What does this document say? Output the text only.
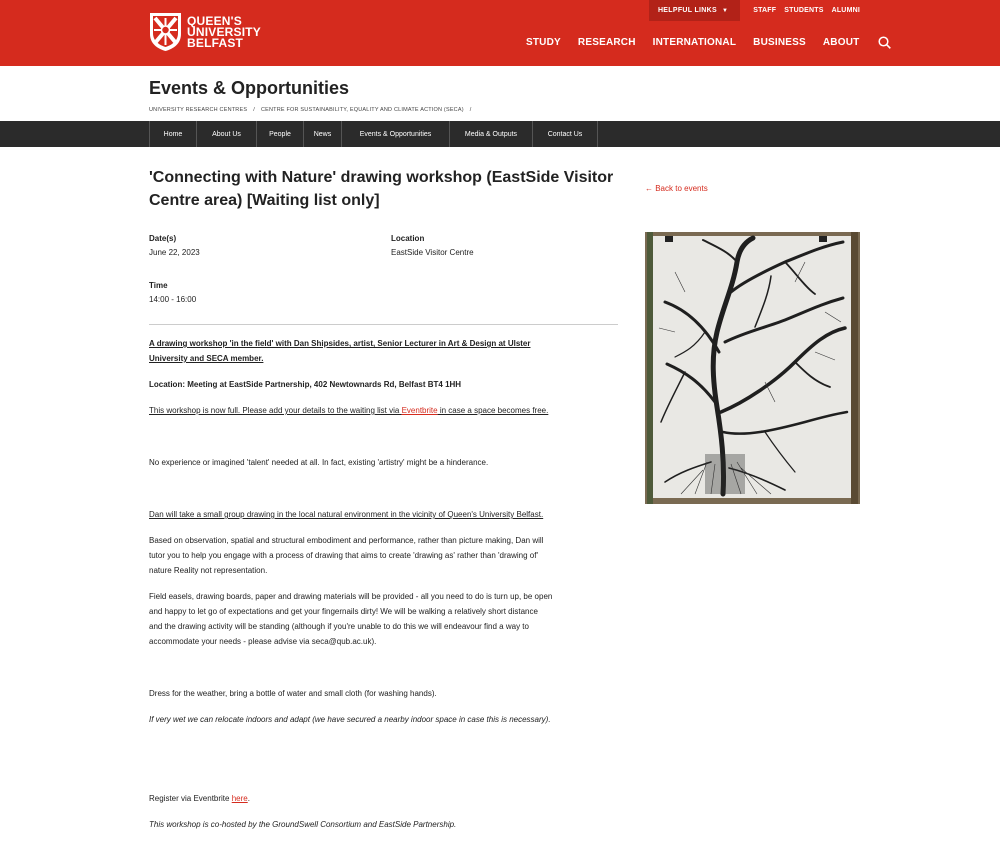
QUEEN'S
UNIVERSITY
BELFAST
HELPFUL LINKS ▼	STAFF STUDENTS ALUMNI
STUDY RESEARCH INTERNATIONAL BUSINESS ABOUT
Events & Opportunities
UNIVERSITY RESEARCH CENTRES / CENTRE FOR SUSTAINABILITY, EQUALITY AND CLIMATE ACTION (SECA) /
Home	About Us	People	News	Events & Opportunities	Media & Outputs	Contact Us
'Connecting with Nature' drawing workshop (EastSide Visitor
Centre area) [Waiting list only]
Date(s)
June 22, 2023
Location
EastSide Visitor Centre
Time
14:00 - 16:00
A drawing workshop 'in the field' with Dan Shipsides, artist, Senior Lecturer in Art & Design at Ulster
University and SECA member.
Location: Meeting at EastSide Partnership, 402 Newtownards Rd, Belfast BT4 1HH
This workshop is now full. Please add your details to the waiting list via Eventbrite in case a space becomes free.
No experience or imagined 'talent' needed at all. In fact, existing 'artistry' might be a hinderance.
Dan will take a small group drawing in the local natural environment in the vicinity of Queen's University Belfast.
Based on observation, spatial and structural embodiment and performance, rather than picture making, Dan will
tutor you to help you engage with a process of drawing that aims to create 'drawing as' rather than 'drawing of'
nature Reality not representation.
Field easels, drawing boards, paper and drawing materials will be provided - all you need to do is turn up, be open
and happy to let go of expectations and get your fingernails dirty! We will be walking a relatively short distance
and the drawing activity will be standing (although if you're unable to do this we will endeavour find a way to
accommodate your needs - please advise via seca@qub.ac.uk).
Dress for the weather, bring a bottle of water and small cloth (for washing hands).
If very wet we can relocate indoors and adapt (we have secured a nearby indoor space in case this is necessary).
Register via Eventbrite here.
This workshop is co-hosted by the GroundSwell Consortium and EastSide Partnership.
← Back to events
